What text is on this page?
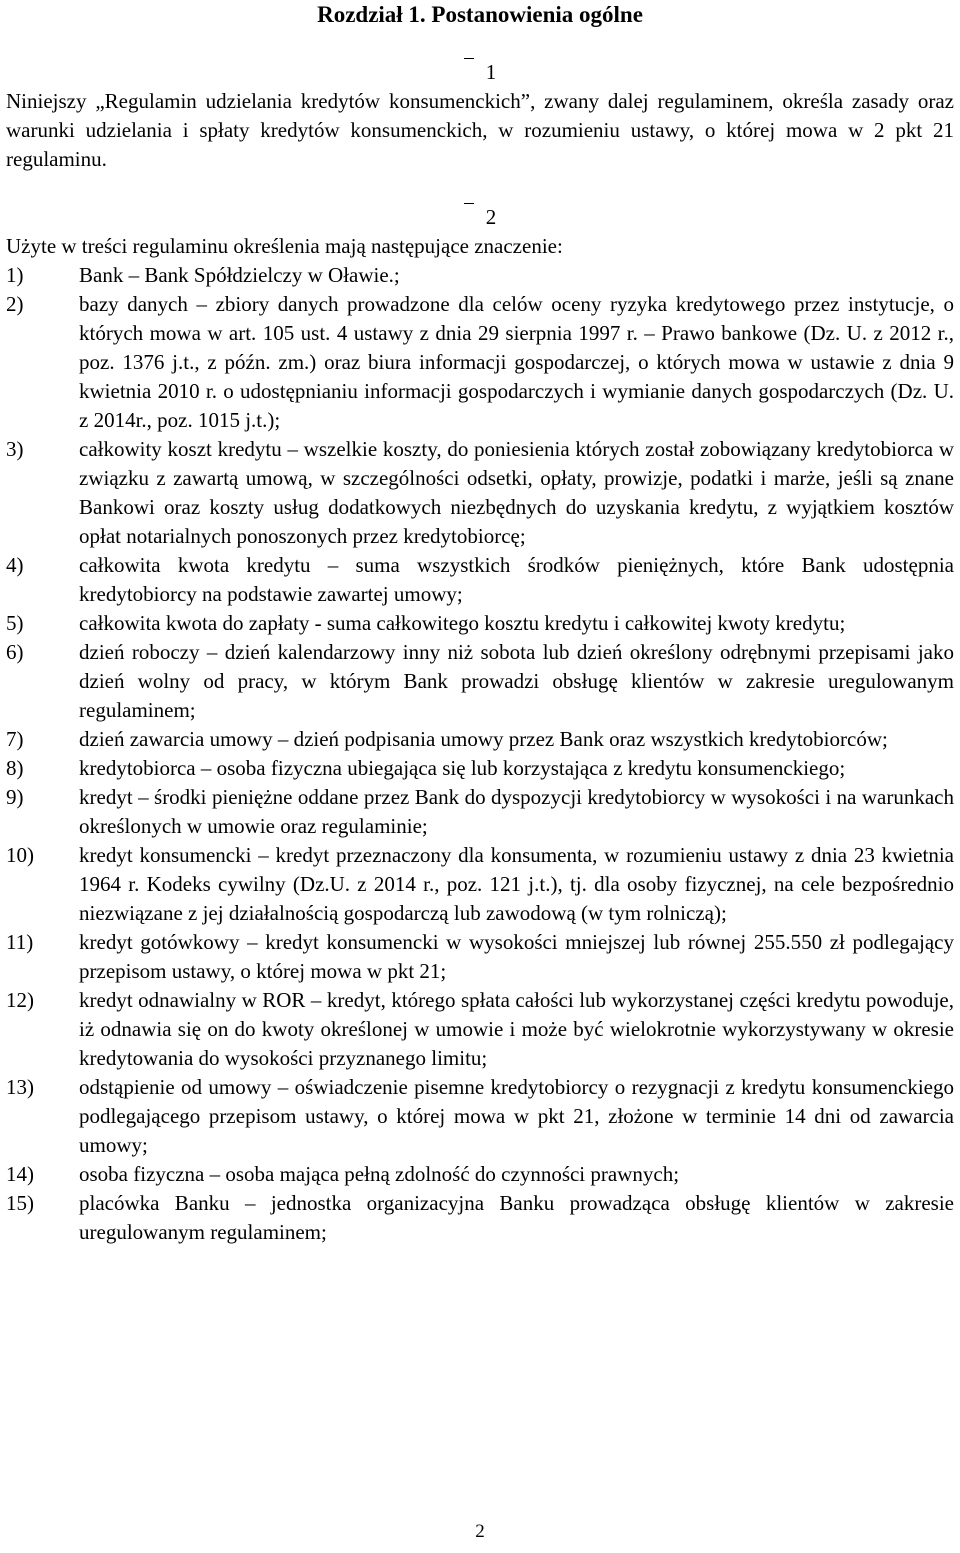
Rozdział 1. Postanowienia ogólne
1

Niniejszy „Regulamin udzielania kredytów konsumenckich”, zwany dalej regulaminem, określa zasady oraz warunki udzielania i spłaty kredytów konsumenckich, w rozumieniu ustawy, o której mowa w 2 pkt 21 regulaminu.

2

Użyte w treści regulaminu określenia mają następujące znaczenie:

1)	Bank – Bank Spółdzielczy w Oławie.;
2)	bazy danych – zbiory danych prowadzone dla celów oceny ryzyka kredytowego przez instytucje, o których mowa w art. 105 ust. 4 ustawy z dnia 29 sierpnia 1997 r. – Prawo bankowe (Dz. U. z 2012 r., poz. 1376 j.t., z późn. zm.) oraz biura informacji gospodarczej, o których mowa w ustawie z dnia 9 kwietnia 2010 r. o udostępnianiu informacji gospodarczych i wymianie danych gospodarczych (Dz. U. z 2014r., poz. 1015 j.t.);
3)	całkowity koszt kredytu – wszelkie koszty, do poniesienia których został zobowiązany kredytobiorca w związku z zawartą umową, w szczególności odsetki, opłaty, prowizje, podatki i marże, jeśli są znane Bankowi oraz koszty usług dodatkowych niezbędnych do uzyskania kredytu, z wyjątkiem kosztów opłat notarialnych ponoszonych przez kredytobiorcę;
4)	całkowita kwota kredytu – suma wszystkich środków pieniężnych, które Bank udostępnia kredytobiorcy na podstawie zawartej umowy;
5)	całkowita kwota do zapłaty - suma całkowitego kosztu kredytu i całkowitej kwoty kredytu;
6)	dzień roboczy – dzień kalendarzowy inny niż sobota lub dzień określony odrębnymi przepisami jako dzień wolny od pracy, w którym Bank prowadzi obsługę klientów w zakresie uregulowanym regulaminem;
7)	dzień zawarcia umowy – dzień podpisania umowy przez Bank oraz wszystkich kredytobiorców;
8)	kredytobiorca – osoba fizyczna ubiegająca się lub korzystająca z kredytu konsumenckiego;
9)	kredyt – środki pieniężne oddane przez Bank do dyspozycji kredytobiorcy w wysokości i na warunkach określonych w umowie oraz regulaminie;
10) kredyt konsumencki – kredyt przeznaczony dla konsumenta, w rozumieniu ustawy z dnia 23 kwietnia 1964 r. Kodeks cywilny (Dz.U. z 2014 r., poz. 121 j.t.), tj. dla osoby fizycznej, na cele bezpośrednio niezwiązane z jej działalnością gospodarczą lub zawodową (w tym rolniczą);
11) kredyt gotówkowy – kredyt konsumencki w wysokości mniejszej lub równej 255.550 zł podlegający przepisom ustawy, o której mowa w pkt 21;
12) kredyt odnawialny w ROR – kredyt, którego spłata całości lub wykorzystanej części kredytu powoduje, iż odnawia się on do kwoty określonej w umowie i może być wielokrotnie wykorzystywany w okresie kredytowania do wysokości przyznanego limitu;
13) odstąpienie od umowy – oświadczenie pisemne kredytobiorcy o rezygnacji z kredytu konsumenckiego podlegającego przepisom ustawy, o której mowa w pkt 21, złożone w terminie 14 dni od zawarcia umowy;
14) osoba fizyczna – osoba mająca pełną zdolność do czynności prawnych;
15) placówka Banku – jednostka organizacyjna Banku prowadząca obsługę klientów w zakresie uregulowanym regulaminem;
2
